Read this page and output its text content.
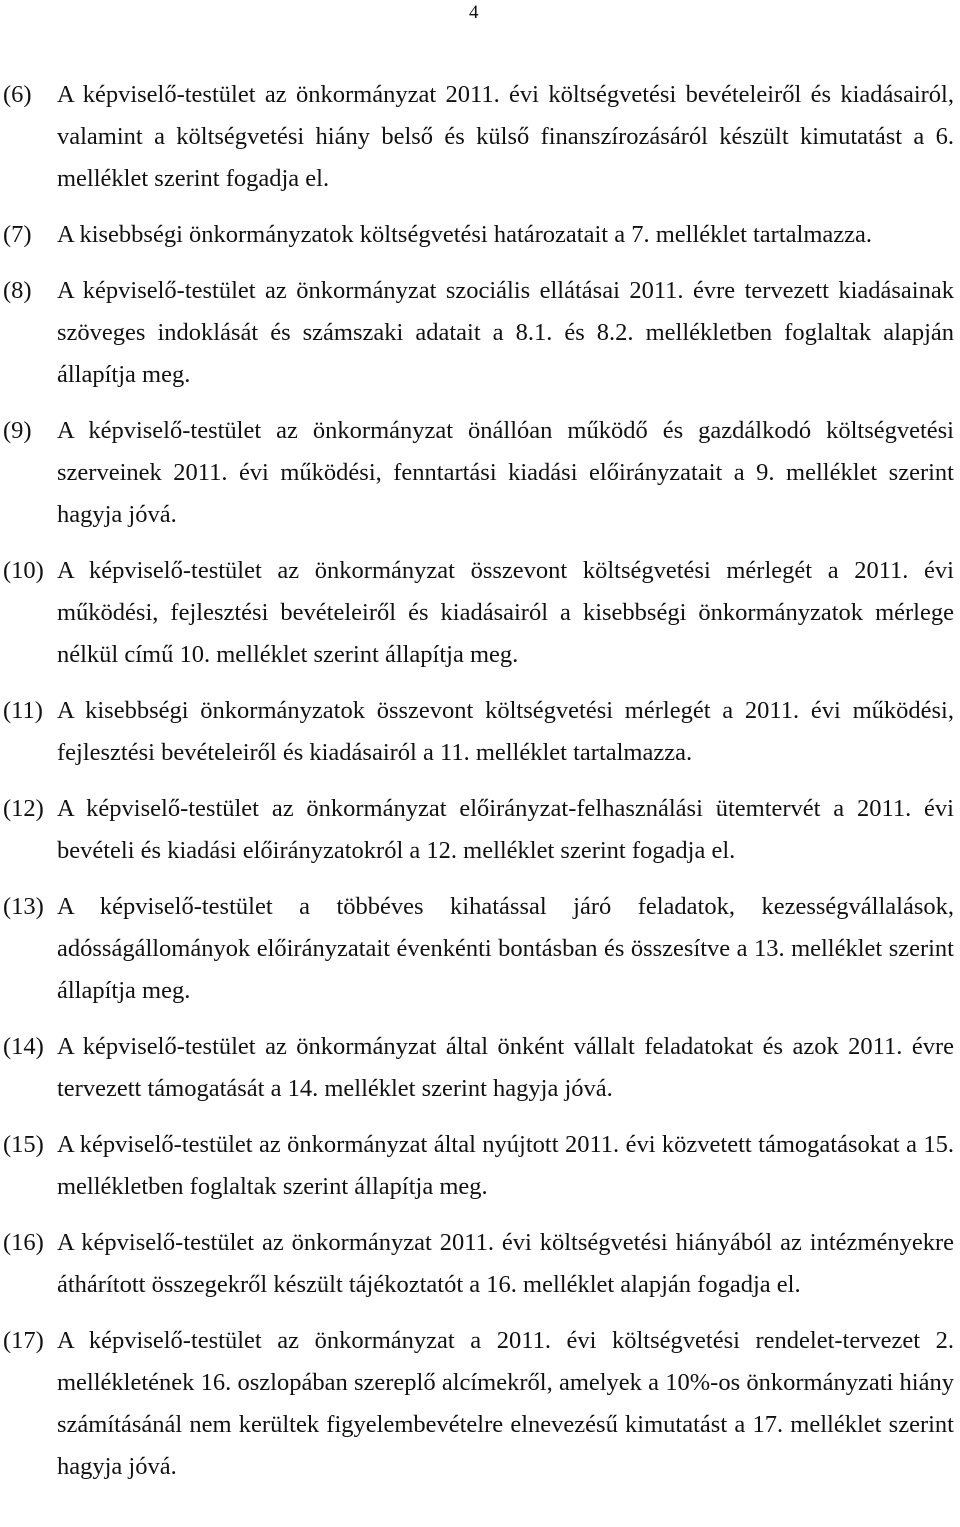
4
(6) A képviselő-testület az önkormányzat 2011. évi költségvetési bevételeiről és kiadásairól, valamint a költségvetési hiány belső és külső finanszírozásáról készült kimutatást a 6. melléklet szerint fogadja el.
(7) A kisebbségi önkormányzatok költségvetési határozatait a 7. melléklet tartalmazza.
(8) A képviselő-testület az önkormányzat szociális ellátásai 2011. évre tervezett kiadásainak szöveges indoklását és számszaki adatait a 8.1. és 8.2. mellékletben foglaltak alapján állapítja meg.
(9) A képviselő-testület az önkormányzat önállóan működő és gazdálkodó költségvetési szerveinek 2011. évi működési, fenntartási kiadási előirányzatait a 9. melléklet szerint hagyja jóvá.
(10) A képviselő-testület az önkormányzat összevont költségvetési mérlegét a 2011. évi működési, fejlesztési bevételeiről és kiadásairól a kisebbségi önkormányzatok mérlege nélkül című 10. melléklet szerint állapítja meg.
(11) A kisebbségi önkormányzatok összevont költségvetési mérlegét a 2011. évi működési, fejlesztési bevételeiről és kiadásairól a 11. melléklet tartalmazza.
(12) A képviselő-testület az önkormányzat előirányzat-felhasználási ütemtervét a 2011. évi bevételi és kiadási előirányzatokról a 12. melléklet szerint fogadja el.
(13) A képviselő-testület a többéves kihatással járó feladatok, kezességvállalások, adósságállományok előirányzatait évenkénti bontásban és összesítve a 13. melléklet szerint állapítja meg.
(14) A képviselő-testület az önkormányzat által önként vállalt feladatokat és azok 2011. évre tervezett támogatását a 14. melléklet szerint hagyja jóvá.
(15) A képviselő-testület az önkormányzat által nyújtott 2011. évi közvetett támogatásokat a 15. mellékletben foglaltak szerint állapítja meg.
(16) A képviselő-testület az önkormányzat 2011. évi költségvetési hiányából az intézményekre áthárított összegekről készült tájékoztatót a 16. melléklet alapján fogadja el.
(17) A képviselő-testület az önkormányzat a 2011. évi költségvetési rendelet-tervezet 2. mellékletének 16. oszlopában szereplő alcímekről, amelyek a 10%-os önkormányzati hiány számításánál nem kerültek figyelembevételre elnevezésű kimutatást a 17. melléklet szerint hagyja jóvá.
